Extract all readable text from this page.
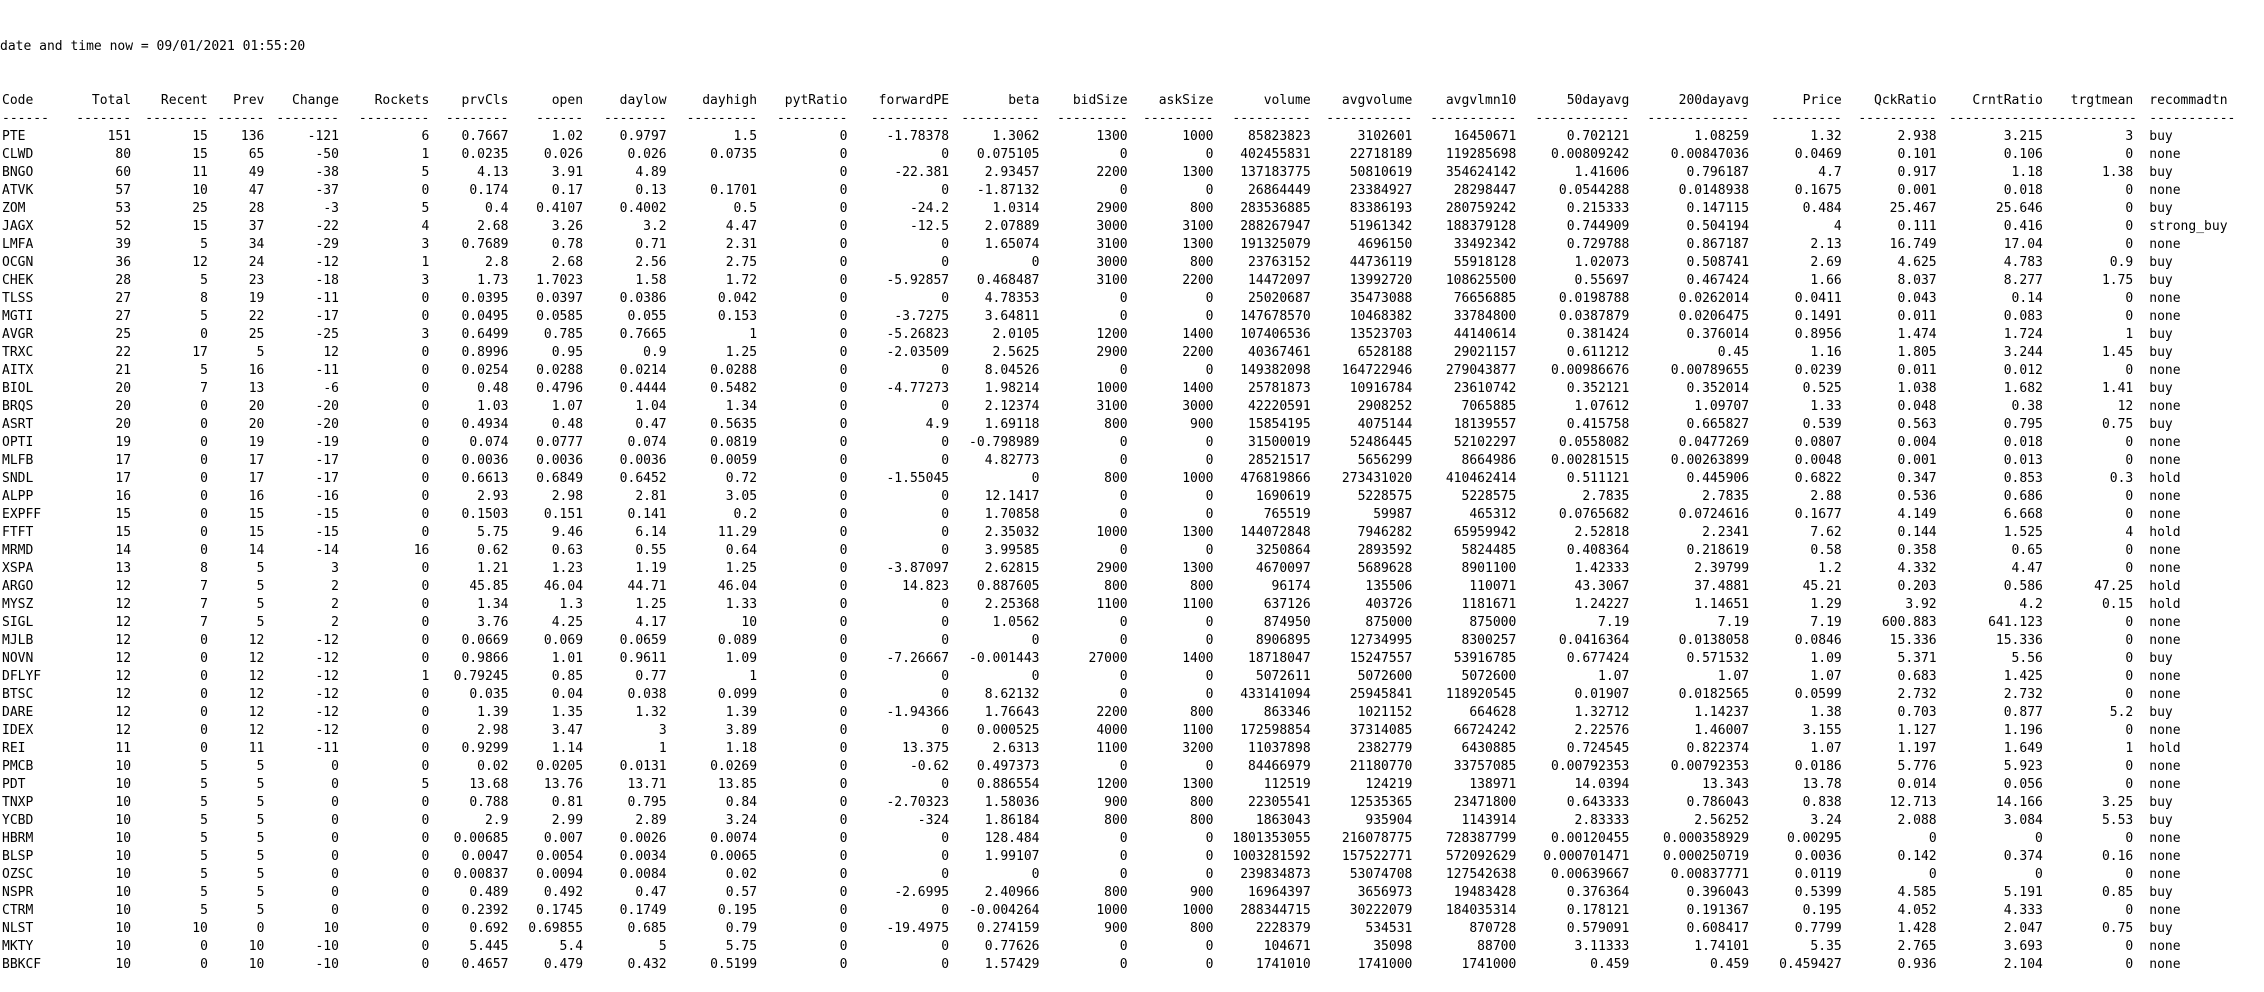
date and time now = 09/01/2021 01:55:20

Code	Total	Recent	Prev	Change	Rockets	prvCls	open	daylow	dayhigh	pytRatio	forwardPE	beta	bidSize	askSize	volume	avgvolume	avgvlmn10	50dayavg	200dayavg	Price	QckRatio	CrntRatio	trgtmean	recommadtn
------	-------	--------	------	--------	---------	--------	------	--------	---------	---------	----------	----------	---------	---------	----------	-----------	-----------	------------	-------------	---------	----------	------------	------------	-----------
PTE	151	15	136	-121	6	0.7667	1.02	0.9797	1.5	0	-1.78378	1.3062	1300	1000	85823823	3102601	16450671	0.702121	1.08259	1.32	2.938	3.215	3	buy
CLWD	80	15	65	-50	1	0.0235	0.026	0.026	0.0735	0	0	0.075105	0	0	402455831	22718189	119285698	0.00809242	0.00847036	0.0469	0.101	0.106	0	none
BNGO	60	11	49	-38	5	4.13	3.91	4.89		0	-22.381	2.93457	2200	1300	137183775	50810619	354624142	1.41606	0.796187	4.7	0.917	1.18	1.38	buy
ATVK	57	10	47	-37	0	0.174	0.17	0.13	0.1701	0	0	-1.87132	0	0	26864449	23384927	28298447	0.0544288	0.0148938	0.1675	0.001	0.018	0	none
ZOM	53	25	28	-3	5	0.4	0.4107	0.4002	0.5	0	-24.2	1.0314	2900	800	283536885	83386193	280759242	0.215333	0.147115	0.484	25.467	25.646	0	buy
JAGX	52	15	37	-22	4	2.68	3.26	3.2	4.47	0	-12.5	2.07889	3000	3100	288267947	51961342	188379128	0.744909	0.504194	4	0.111	0.416	0	strong_buy
LMFA	39	5	34	-29	3	0.7689	0.78	0.71	2.31	0	0	1.65074	3100	1300	191325079	4696150	33492342	0.729788	0.867187	2.13	16.749	17.04	0	none
OCGN	36	12	24	-12	1	2.8	2.68	2.56	2.75	0	0	0	3000	800	23763152	44736119	55918128	1.02073	0.508741	2.69	4.625	4.783	0.9	buy
CHEK	28	5	23	-18	3	1.73	1.7023	1.58	1.72	0	-5.92857	0.468487	3100	2200	14472097	13992720	108625500	0.55697	0.467424	1.66	8.037	8.277	1.75	buy
TLSS	27	8	19	-11	0	0.0395	0.0397	0.0386	0.042	0	0	4.78353	0	0	25020687	35473088	76656885	0.0198788	0.0262014	0.0411	0.043	0.14	0	none
MGTI	27	5	22	-17	0	0.0495	0.0585	0.055	0.153	0	-3.7275	3.64811	0	0	147678570	10468382	33784800	0.0387879	0.0206475	0.1491	0.011	0.083	0	none
AVGR	25	0	25	-25	3	0.6499	0.785	0.7665	1	0	-5.26823	2.0105	1200	1400	107406536	13523703	44140614	0.381424	0.376014	0.8956	1.474	1.724	1	buy
TRXC	22	17	5	12	0	0.8996	0.95	0.9	1.25	0	-2.03509	2.5625	2900	2200	40367461	6528188	29021157	0.611212	0.45	1.16	1.805	3.244	1.45	buy
AITX	21	5	16	-11	0	0.0254	0.0288	0.0214	0.0288	0	0	8.04526	0	0	149382098	164722946	279043877	0.00986676	0.00789655	0.0239	0.011	0.012	0	none
BIOL	20	7	13	-6	0	0.48	0.4796	0.4444	0.5482	0	-4.77273	1.98214	1000	1400	25781873	10916784	23610742	0.352121	0.352014	0.525	1.038	1.682	1.41	buy
BRQS	20	0	20	-20	0	1.03	1.07	1.04	1.34	0	0	2.12374	3100	3000	42220591	2908252	7065885	1.07612	1.09707	1.33	0.048	0.38	12	none
ASRT	20	0	20	-20	0	0.4934	0.48	0.47	0.5635	0	4.9	1.69118	800	900	15854195	4075144	18139557	0.415758	0.665827	0.539	0.563	0.795	0.75	buy
OPTI	19	0	19	-19	0	0.074	0.0777	0.074	0.0819	0	0	-0.798989	0	0	31500019	52486445	52102297	0.0558082	0.0477269	0.0807	0.004	0.018	0	none
MLFB	17	0	17	-17	0	0.0036	0.0036	0.0036	0.0059	0	0	4.82773	0	0	28521517	5656299	8664986	0.00281515	0.00263899	0.0048	0.001	0.013	0	none
SNDL	17	0	17	-17	0	0.6613	0.6849	0.6452	0.72	0	-1.55045	0	800	1000	476819866	273431020	410462414	0.511121	0.445906	0.6822	0.347	0.853	0.3	hold
ALPP	16	0	16	-16	0	2.93	2.98	2.81	3.05	0	0	12.1417	0	0	1690619	5228575	5228575	2.7835	2.7835	2.88	0.536	0.686	0	none
EXPFF	15	0	15	-15	0	0.1503	0.151	0.141	0.2	0	0	1.70858	0	0	765519	59987	465312	0.0765682	0.0724616	0.1677	4.149	6.668	0	none
FTFT	15	0	15	-15	0	5.75	9.46	6.14	11.29	0	0	2.35032	1000	1300	144072848	7946282	65959942	2.52818	2.2341	7.62	0.144	1.525	4	hold
MRMD	14	0	14	-14	16	0.62	0.63	0.55	0.64	0	0	3.99585	0	0	3250864	2893592	5824485	0.408364	0.218619	0.58	0.358	0.65	0	none
XSPA	13	8	5	3	0	1.21	1.23	1.19	1.25	0	-3.87097	2.62815	2900	1300	4670097	5689628	8901100	1.42333	2.39799	1.2	4.332	4.47	0	none
ARGO	12	7	5	2	0	45.85	46.04	44.71	46.04	0	14.823	0.887605	800	800	96174	135506	110071	43.3067	37.4881	45.21	0.203	0.586	47.25	hold
MYSZ	12	7	5	2	0	1.34	1.3	1.25	1.33	0	0	2.25368	1100	1100	637126	403726	1181671	1.24227	1.14651	1.29	3.92	4.2	0.15	hold
SIGL	12	7	5	2	0	3.76	4.25	4.17	10	0	0	1.0562	0	0	874950	875000	875000	7.19	7.19	7.19	600.883	641.123	0	none
MJLB	12	0	12	-12	0	0.0669	0.069	0.0659	0.089	0	0	0	0	0	8906895	12734995	8300257	0.0416364	0.0138058	0.0846	15.336	15.336	0	none
NOVN	12	0	12	-12	0	0.9866	1.01	0.9611	1.09	0	-7.26667	-0.001443	27000	1400	18718047	15247557	53916785	0.677424	0.571532	1.09	5.371	5.56	0	buy
DFLYF	12	0	12	-12	1	0.79245	0.85	0.77	1	0	0	0	0	0	5072611	5072600	5072600	1.07	1.07	1.07	0.683	1.425	0	none
BTSC	12	0	12	-12	0	0.035	0.04	0.038	0.099	0	0	8.62132	0	0	433141094	25945841	118920545	0.01907	0.0182565	0.0599	2.732	2.732	0	none
DARE	12	0	12	-12	0	1.39	1.35	1.32	1.39	0	-1.94366	1.76643	2200	800	863346	1021152	664628	1.32712	1.14237	1.38	0.703	0.877	5.2	buy
IDEX	12	0	12	-12	0	2.98	3.47	3	3.89	0	0	0.000525	4000	1100	172598854	37314085	66724242	2.22576	1.46007	3.155	1.127	1.196	0	none
REI	11	0	11	-11	0	0.9299	1.14	1	1.18	0	13.375	2.6313	1100	3200	11037898	2382779	6430885	0.724545	0.822374	1.07	1.197	1.649	1	hold
PMCB	10	5	5	0	0	0.02	0.0205	0.0131	0.0269	0	-0.62	0.497373	0	0	84466979	21180770	33757085	0.00792353	0.00792353	0.0186	5.776	5.923	0	none
PDT	10	5	5	0	5	13.68	13.76	13.71	13.85	0	0	0.886554	1200	1300	112519	124219	138971	14.0394	13.343	13.78	0.014	0.056	0	none
TNXP	10	5	5	0	0	0.788	0.81	0.795	0.84	0	-2.70323	1.58036	900	800	22305541	12535365	23471800	0.643333	0.786043	0.838	12.713	14.166	3.25	buy
YCBD	10	5	5	0	0	2.9	2.99	2.89	3.24	0	-324	1.86184	800	800	1863043	935904	1143914	2.83333	2.56252	3.24	2.088	3.084	5.53	buy
HBRM	10	5	5	0	0	0.00685	0.007	0.0026	0.0074	0	0	128.484	0	0	1801353055	216078775	728387799	0.00120455	0.000358929	0.00295	0	0	0	none
BLSP	10	5	5	0	0	0.0047	0.0054	0.0034	0.0065	0	0	1.99107	0	0	1003281592	157522771	572092629	0.000701471	0.000250719	0.0036	0.142	0.374	0.16	none
OZSC	10	5	5	0	0	0.00837	0.0094	0.0084	0.02	0	0	0	0	0	239834873	53074708	127542638	0.00639667	0.00837771	0.0119	0	0	0	none
NSPR	10	5	5	0	0	0.489	0.492	0.47	0.57	0	-2.6995	2.40966	800	900	16964397	3656973	19483428	0.376364	0.396043	0.5399	4.585	5.191	0.85	buy
CTRM	10	5	5	0	0	0.2392	0.1745	0.1749	0.195	0	0	-0.004264	1000	1000	288344715	30222079	184035314	0.178121	0.191367	0.195	4.052	4.333	0	none
NLST	10	10	0	10	0	0.692	0.69855	0.685	0.79	0	-19.4975	0.274159	900	800	2228379	534531	870728	0.579091	0.608417	0.7799	1.428	2.047	0.75	buy
MKTY	10	0	10	-10	0	5.445	5.4	5	5.75	0	0	0.77626	0	0	104671	35098	88700	3.11333	1.74101	5.35	2.765	3.693	0	none
BBKCF	10	0	10	-10	0	0.4657	0.479	0.432	0.5199	0	0	1.57429	0	0	1741010	1741000	1741000	0.459	0.459	0.459427	0.936	2.104	0	none
